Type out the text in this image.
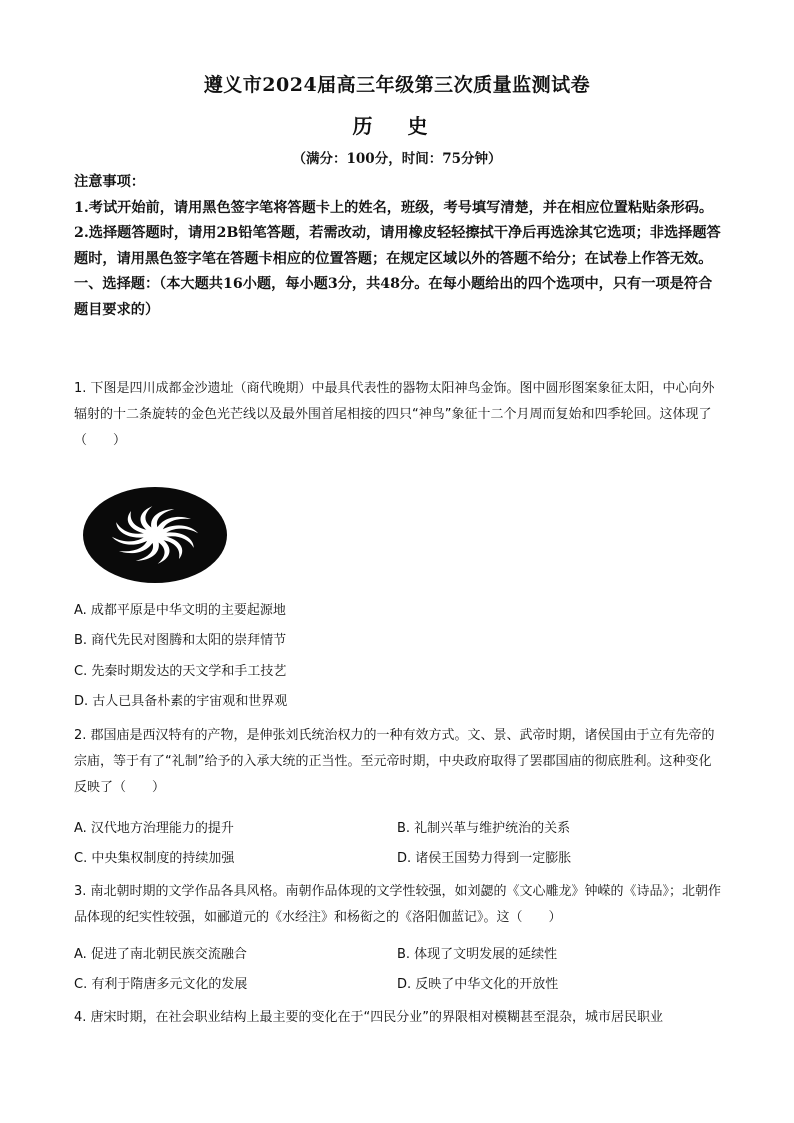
遵义市2024届高三年级第三次质量监测试卷
历 史
（满分：100分，时间：75分钟）

注意事项：

1.考试开始前，请用黑色签字笔将答题卡上的姓名，班级，考号填写清楚，并在相应位置粘贴条形码。

2.选择题答题时，请用2B铅笔答题，若需改动，请用橡皮轻轻擦拭干净后再选涂其它选项；非选择题答题时，请用黑色签字笔在答题卡相应的位置答题；在规定区域以外的答题不给分；在试卷上作答无效。

一、选择题：（本大题共16小题，每小题3分，共48分。在每小题给出的四个选项中，只有一项是符合题目要求的）

1. 下图是四川成都金沙遗址（商代晚期）中最具代表性的器物太阳神鸟金饰。图中圆形图案象征太阳，中心向外辐射的十二条旋转的金色光芒线以及最外围首尾相接的四只“神鸟”象征十二个月周而复始和四季轮回。这体现了（　　）

A. 成都平原是中华文明的主要起源地
B. 商代先民对图腾和太阳的崇拜情节
C. 先秦时期发达的天文学和手工技艺
D. 古人已具备朴素的宇宙观和世界观

2. 郡国庙是西汉特有的产物，是伸张刘氏统治权力的一种有效方式。文、景、武帝时期，诸侯国由于立有先帝的宗庙，等于有了“礼制”给予的入承大统的正当性。至元帝时期，中央政府取得了罢郡国庙的彻底胜利。这种变化反映了（　　）

A. 汉代地方治理能力的提升	B. 礼制兴革与维护统治的关系
C. 中央集权制度的持续加强	D. 诸侯王国势力得到一定膨胀

3. 南北朝时期的文学作品各具风格。南朝作品体现的文学性较强，如刘勰的《文心雕龙》钟嵘的《诗品》；北朝作品体现的纪实性较强，如郦道元的《水经注》和杨衒之的《洛阳伽蓝记》。这（　　）

A. 促进了南北朝民族交流融合	B. 体现了文明发展的延续性
C. 有利于隋唐多元文化的发展	D. 反映了中华文化的开放性

4. 唐宋时期，在社会职业结构上最主要的变化在于“四民分业”的界限相对模糊甚至混杂，城市居民职业
